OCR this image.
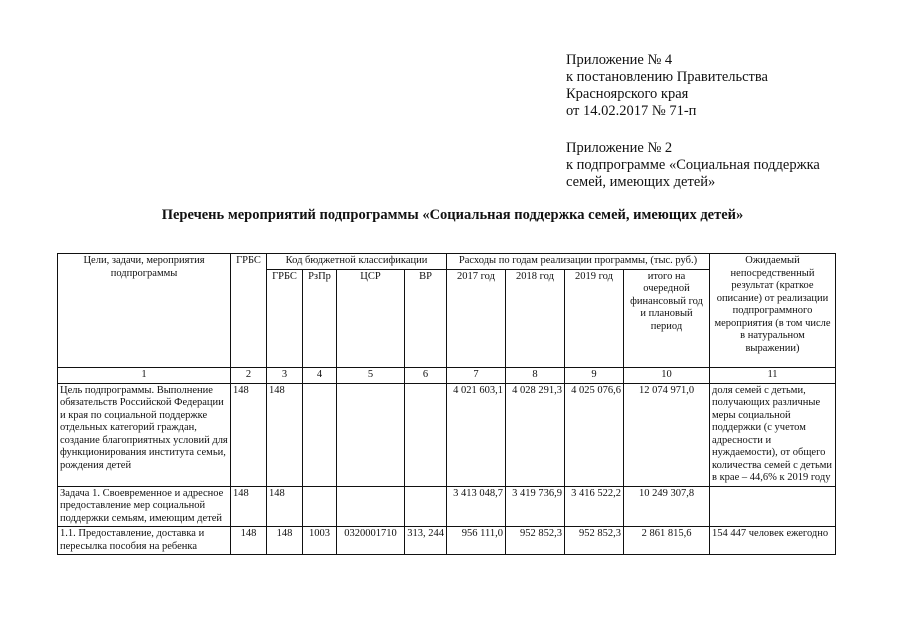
Приложение № 4
к постановлению Правительства
Красноярского края
от 14.02.2017 № 71-п
Приложение № 2
к подпрограмме «Социальная поддержка
семей, имеющих детей»
Перечень мероприятий подпрограммы «Социальная поддержка семей, имеющих детей»
Цели, задачи, мероприятия подпрограммы	ГРБС	Код бюджетной классификации				Расходы по годам реализации программы, (тыс. руб.)				Ожидаемый непосредственный результат (краткое описание) от реализации подпрограммного мероприятия (в том числе в натуральном выражении)
		ГРБС	РзПр	ЦСР	ВР	2017 год	2018 год	2019 год	итого на очередной финансовый год и плановый период	
1	2	3	4	5	6	7	8	9	10	11
Цель подпрограммы. Выполнение обязательств Российской Федерации и края по социальной поддержке отдельных категорий граждан, создание благоприятных условий для функционирования института семьи, рождения детей	148	148				4 021 603,1	4 028 291,3	4 025 076,6	12 074 971,0	доля семей с детьми, получающих различные меры социальной поддержки (с учетом адресности и нуждаемости), от общего количества семей с детьми в крае – 44,6% к 2019 году
Задача 1. Своевременное и адресное предоставление мер социальной поддержки семьям, имеющим детей	148	148				3 413 048,7	3 419 736,9	3 416 522,2	10 249 307,8	
1.1. Предоставление, доставка и пересылка пособия на ребенка	148	148	1003	0320001710	313, 244	956 111,0	952 852,3	952 852,3	2 861 815,6	154 447 человек ежегодно
